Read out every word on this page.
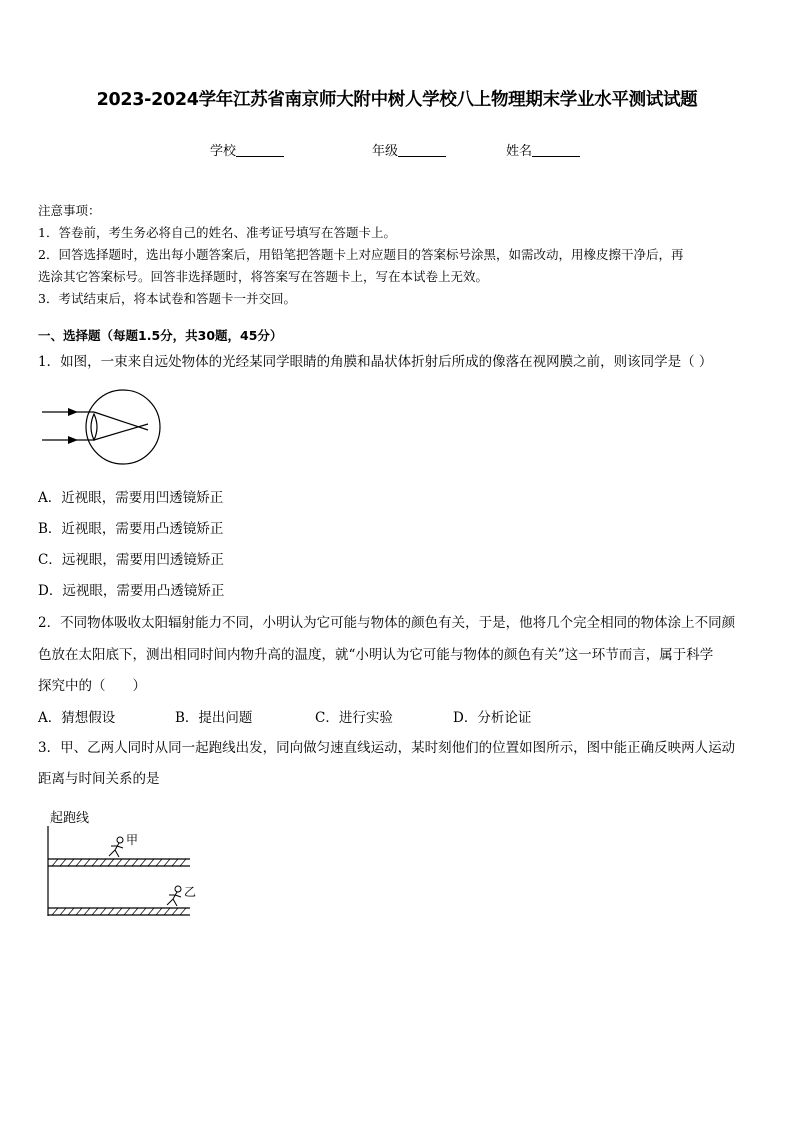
2023-2024学年江苏省南京师大附中树人学校八上物理期末学业水平测试试题
学校	年级	姓名
注意事项：
1．答卷前，考生务必将自己的姓名、准考证号填写在答题卡上。
2．回答选择题时，选出每小题答案后，用铅笔把答题卡上对应题目的答案标号涂黑，如需改动，用橡皮擦干净后，再
选涂其它答案标号。回答非选择题时，将答案写在答题卡上，写在本试卷上无效。
3．考试结束后，将本试卷和答题卡一并交回。
一、选择题（每题1.5分，共30题，45分）
1．如图，一束来自远处物体的光经某同学眼睛的角膜和晶状体折射后所成的像落在视网膜之前，则该同学是（ ）
A．近视眼，需要用凹透镜矫正
B．近视眼，需要用凸透镜矫正
C．远视眼，需要用凹透镜矫正
D．远视眼，需要用凸透镜矫正
2．不同物体吸收太阳辐射能力不同，小明认为它可能与物体的颜色有关，于是，他将几个完全相同的物体涂上不同颜
色放在太阳底下，测出相同时间内物升高的温度，就“小明认为它可能与物体的颜色有关”这一环节而言，属于科学
探究中的（　　）
A．猜想假设	B．提出问题	C．进行实验	D．分析论证
3．甲、乙两人同时从同一起跑线出发，同向做匀速直线运动，某时刻他们的位置如图所示，图中能正确反映两人运动
距离与时间关系的是
起跑线
甲
乙
